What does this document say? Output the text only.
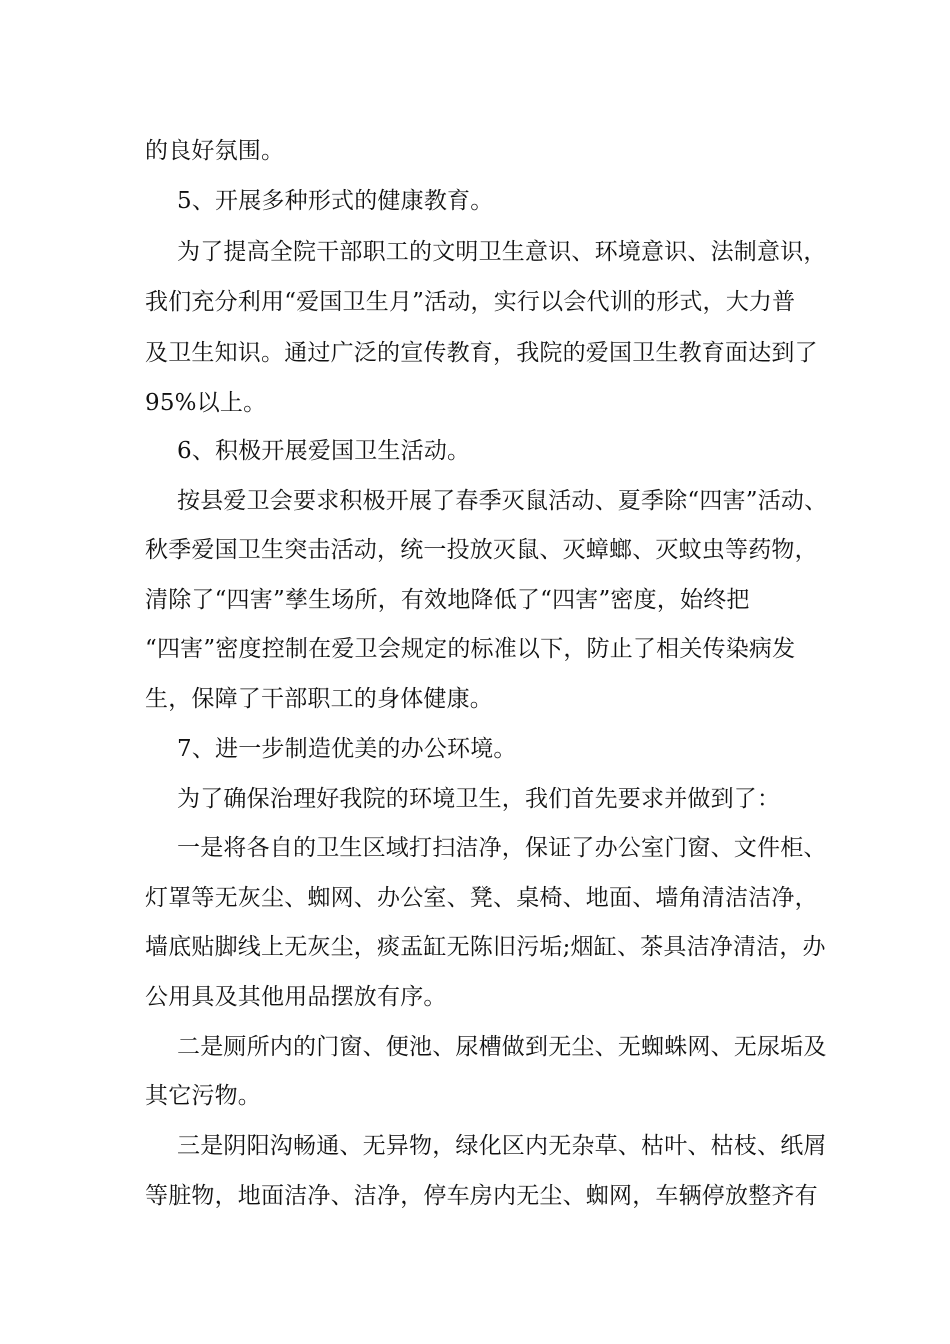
的良好氛围。
5、开展多种形式的健康教育。
为了提高全院干部职工的文明卫生意识、环境意识、法制意识，
我们充分利用“爱国卫生月”活动，实行以会代训的形式，大力普
及卫生知识。通过广泛的宣传教育，我院的爱国卫生教育面达到了
95%以上。
6、积极开展爱国卫生活动。
按县爱卫会要求积极开展了春季灭鼠活动、夏季除“四害”活动、
秋季爱国卫生突击活动，统一投放灭鼠、灭蟑螂、灭蚊虫等药物，
清除了“四害”孳生场所，有效地降低了“四害”密度，始终把
“四害”密度控制在爱卫会规定的标准以下，防止了相关传染病发
生，保障了干部职工的身体健康。
7、进一步制造优美的办公环境。
为了确保治理好我院的环境卫生，我们首先要求并做到了：
一是将各自的卫生区域打扫洁净，保证了办公室门窗、文件柜、
灯罩等无灰尘、蜘网、办公室、凳、桌椅、地面、墙角清洁洁净，
墙底贴脚线上无灰尘，痰盂缸无陈旧污垢;烟缸、茶具洁净清洁，办
公用具及其他用品摆放有序。
二是厕所内的门窗、便池、尿槽做到无尘、无蜘蛛网、无尿垢及
其它污物。
三是阴阳沟畅通、无异物，绿化区内无杂草、枯叶、枯枝、纸屑
等脏物，地面洁净、洁净，停车房内无尘、蜘网，车辆停放整齐有
